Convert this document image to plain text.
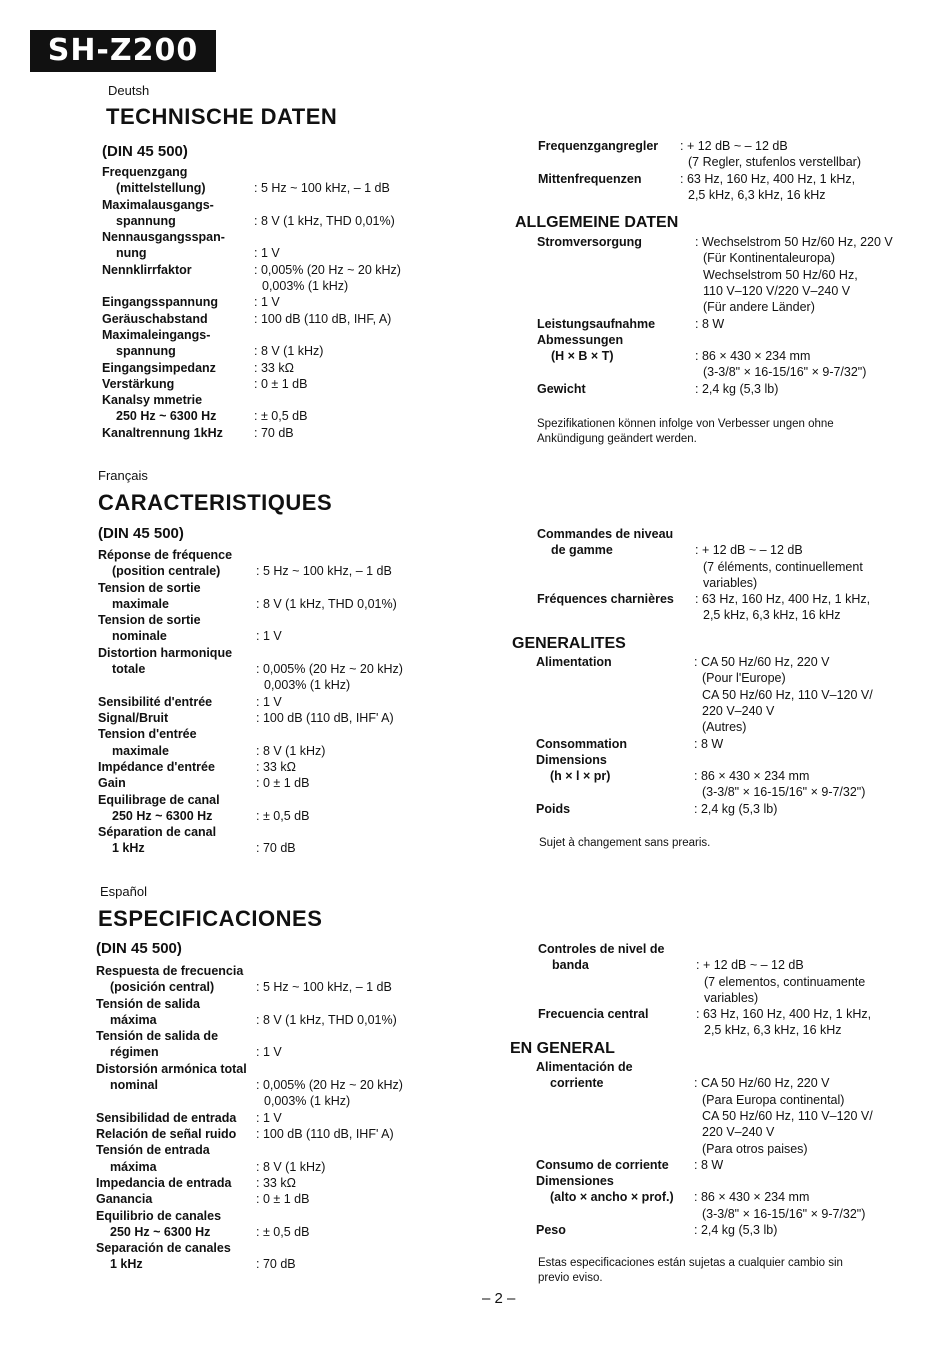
SH-Z200
Deutsh
TECHNISCHE DATEN
(DIN 45 500)
Frequenzgang
(mittelstellung)	: 5 Hz ~ 100 kHz, – 1 dB
Maximalausgangs-
spannung	: 8 V (1 kHz, THD 0,01%)
Nennausgangsspan-
nung	: 1 V
Nennklirrfaktor	: 0,005% (20 Hz ~ 20 kHz)
0,003% (1 kHz)
Eingangsspannung	: 1 V
Geräuschabstand	: 100 dB (110 dB, IHF, A)
Maximaleingangs-
spannung	: 8 V (1 kHz)
Eingangsimpedanz	: 33 kΩ
Verstärkung	: 0 ± 1 dB
Kanalsy mmetrie
250 Hz ~ 6300 Hz	: ± 0,5 dB
Kanaltrennung 1kHz : 70 dB
Frequenzgangregler : + 12 dB ~ – 12 dB
(7 Regler, stufenlos verstellbar)
Mittenfrequenzen	: 63 Hz, 160 Hz, 400 Hz, 1 kHz,
2,5 kHz, 6,3 kHz, 16 kHz
ALLGEMEINE DATEN
Stromversorgung	: Wechselstrom 50 Hz/60 Hz, 220 V
(Für Kontinentaleuropa)
Wechselstrom 50 Hz/60 Hz,
110 V–120 V/220 V–240 V
(Für andere Länder)
Leistungsaufnahme	: 8 W
Abmessungen
(H × B × T)	: 86 × 430 × 234 mm
(3-3/8" × 16-15/16" × 9-7/32")
Gewicht	: 2,4 kg (5,3 lb)
Spezifikationen können infolge von Verbesser ungen ohne
Ankündigung geändert werden.
Français
CARACTERISTIQUES
(DIN 45 500)
Réponse de fréquence
(position centrale)	: 5 Hz ~ 100 kHz, – 1 dB
Tension de sortie
maximale	: 8 V (1 kHz, THD 0,01%)
Tension de sortie
nominale	: 1 V
Distortion harmonique
totale	: 0,005% (20 Hz ~ 20 kHz)
0,003% (1 kHz)
Sensibilité d'entrée	: 1 V
Signal/Bruit	: 100 dB (110 dB, IHF' A)
Tension d'entrée
maximale	: 8 V (1 kHz)
Impédance d'entrée	: 33 kΩ
Gain	: 0 ± 1 dB
Equilibrage de canal
250 Hz ~ 6300 Hz	: ± 0,5 dB
Séparation de canal
1 kHz	: 70 dB
Commandes de niveau
de gamme	: + 12 dB ~ – 12 dB
(7 éléments, continuellement
variables)
Fréquences charnières : 63 Hz, 160 Hz, 400 Hz, 1 kHz,
2,5 kHz, 6,3 kHz, 16 kHz
GENERALITES
Alimentation	: CA 50 Hz/60 Hz, 220 V
(Pour l'Europe)
CA 50 Hz/60 Hz, 110 V–120 V/
220 V–240 V
(Autres)
Consommation	: 8 W
Dimensions
(h × l × pr)	: 86 × 430 × 234 mm
(3-3/8" × 16-15/16" × 9-7/32")
Poids	: 2,4 kg (5,3 lb)
Sujet à changement sans prearis.
Español
ESPECIFICACIONES
(DIN 45 500)
Respuesta de frecuencia
(posición central)	: 5 Hz ~ 100 kHz, – 1 dB
Tensión de salida
máxima	: 8 V (1 kHz, THD 0,01%)
Tensión de salida de
régimen	: 1 V
Distorsión armónica total
nominal	: 0,005% (20 Hz ~ 20 kHz)
0,003% (1 kHz)
Sensibilidad de entrada : 1 V
Relación de señal ruido : 100 dB (110 dB, IHF' A)
Tensión de entrada
máxima	: 8 V (1 kHz)
Impedancia de entrada : 33 kΩ
Ganancia	: 0 ± 1 dB
Equilibrio de canales
250 Hz ~ 6300 Hz	: ± 0,5 dB
Separación de canales
1 kHz	: 70 dB
Controles de nivel de
banda	: + 12 dB ~ – 12 dB
(7 elementos, continuamente
variables)
Frecuencia central	: 63 Hz, 160 Hz, 400 Hz, 1 kHz,
2,5 kHz, 6,3 kHz, 16 kHz
EN GENERAL
Alimentación de
corriente	: CA 50 Hz/60 Hz, 220 V
(Para Europa continental)
CA 50 Hz/60 Hz, 110 V–120 V/
220 V–240 V
(Para otros paises)
Consumo de corriente : 8 W
Dimensiones
(alto × ancho × prof.) : 86 × 430 × 234 mm
(3-3/8" × 16-15/16" × 9-7/32")
Peso	: 2,4 kg (5,3 lb)
Estas especificaciones están sujetas a cualquier cambio sin
previo eviso.
– 2 –
